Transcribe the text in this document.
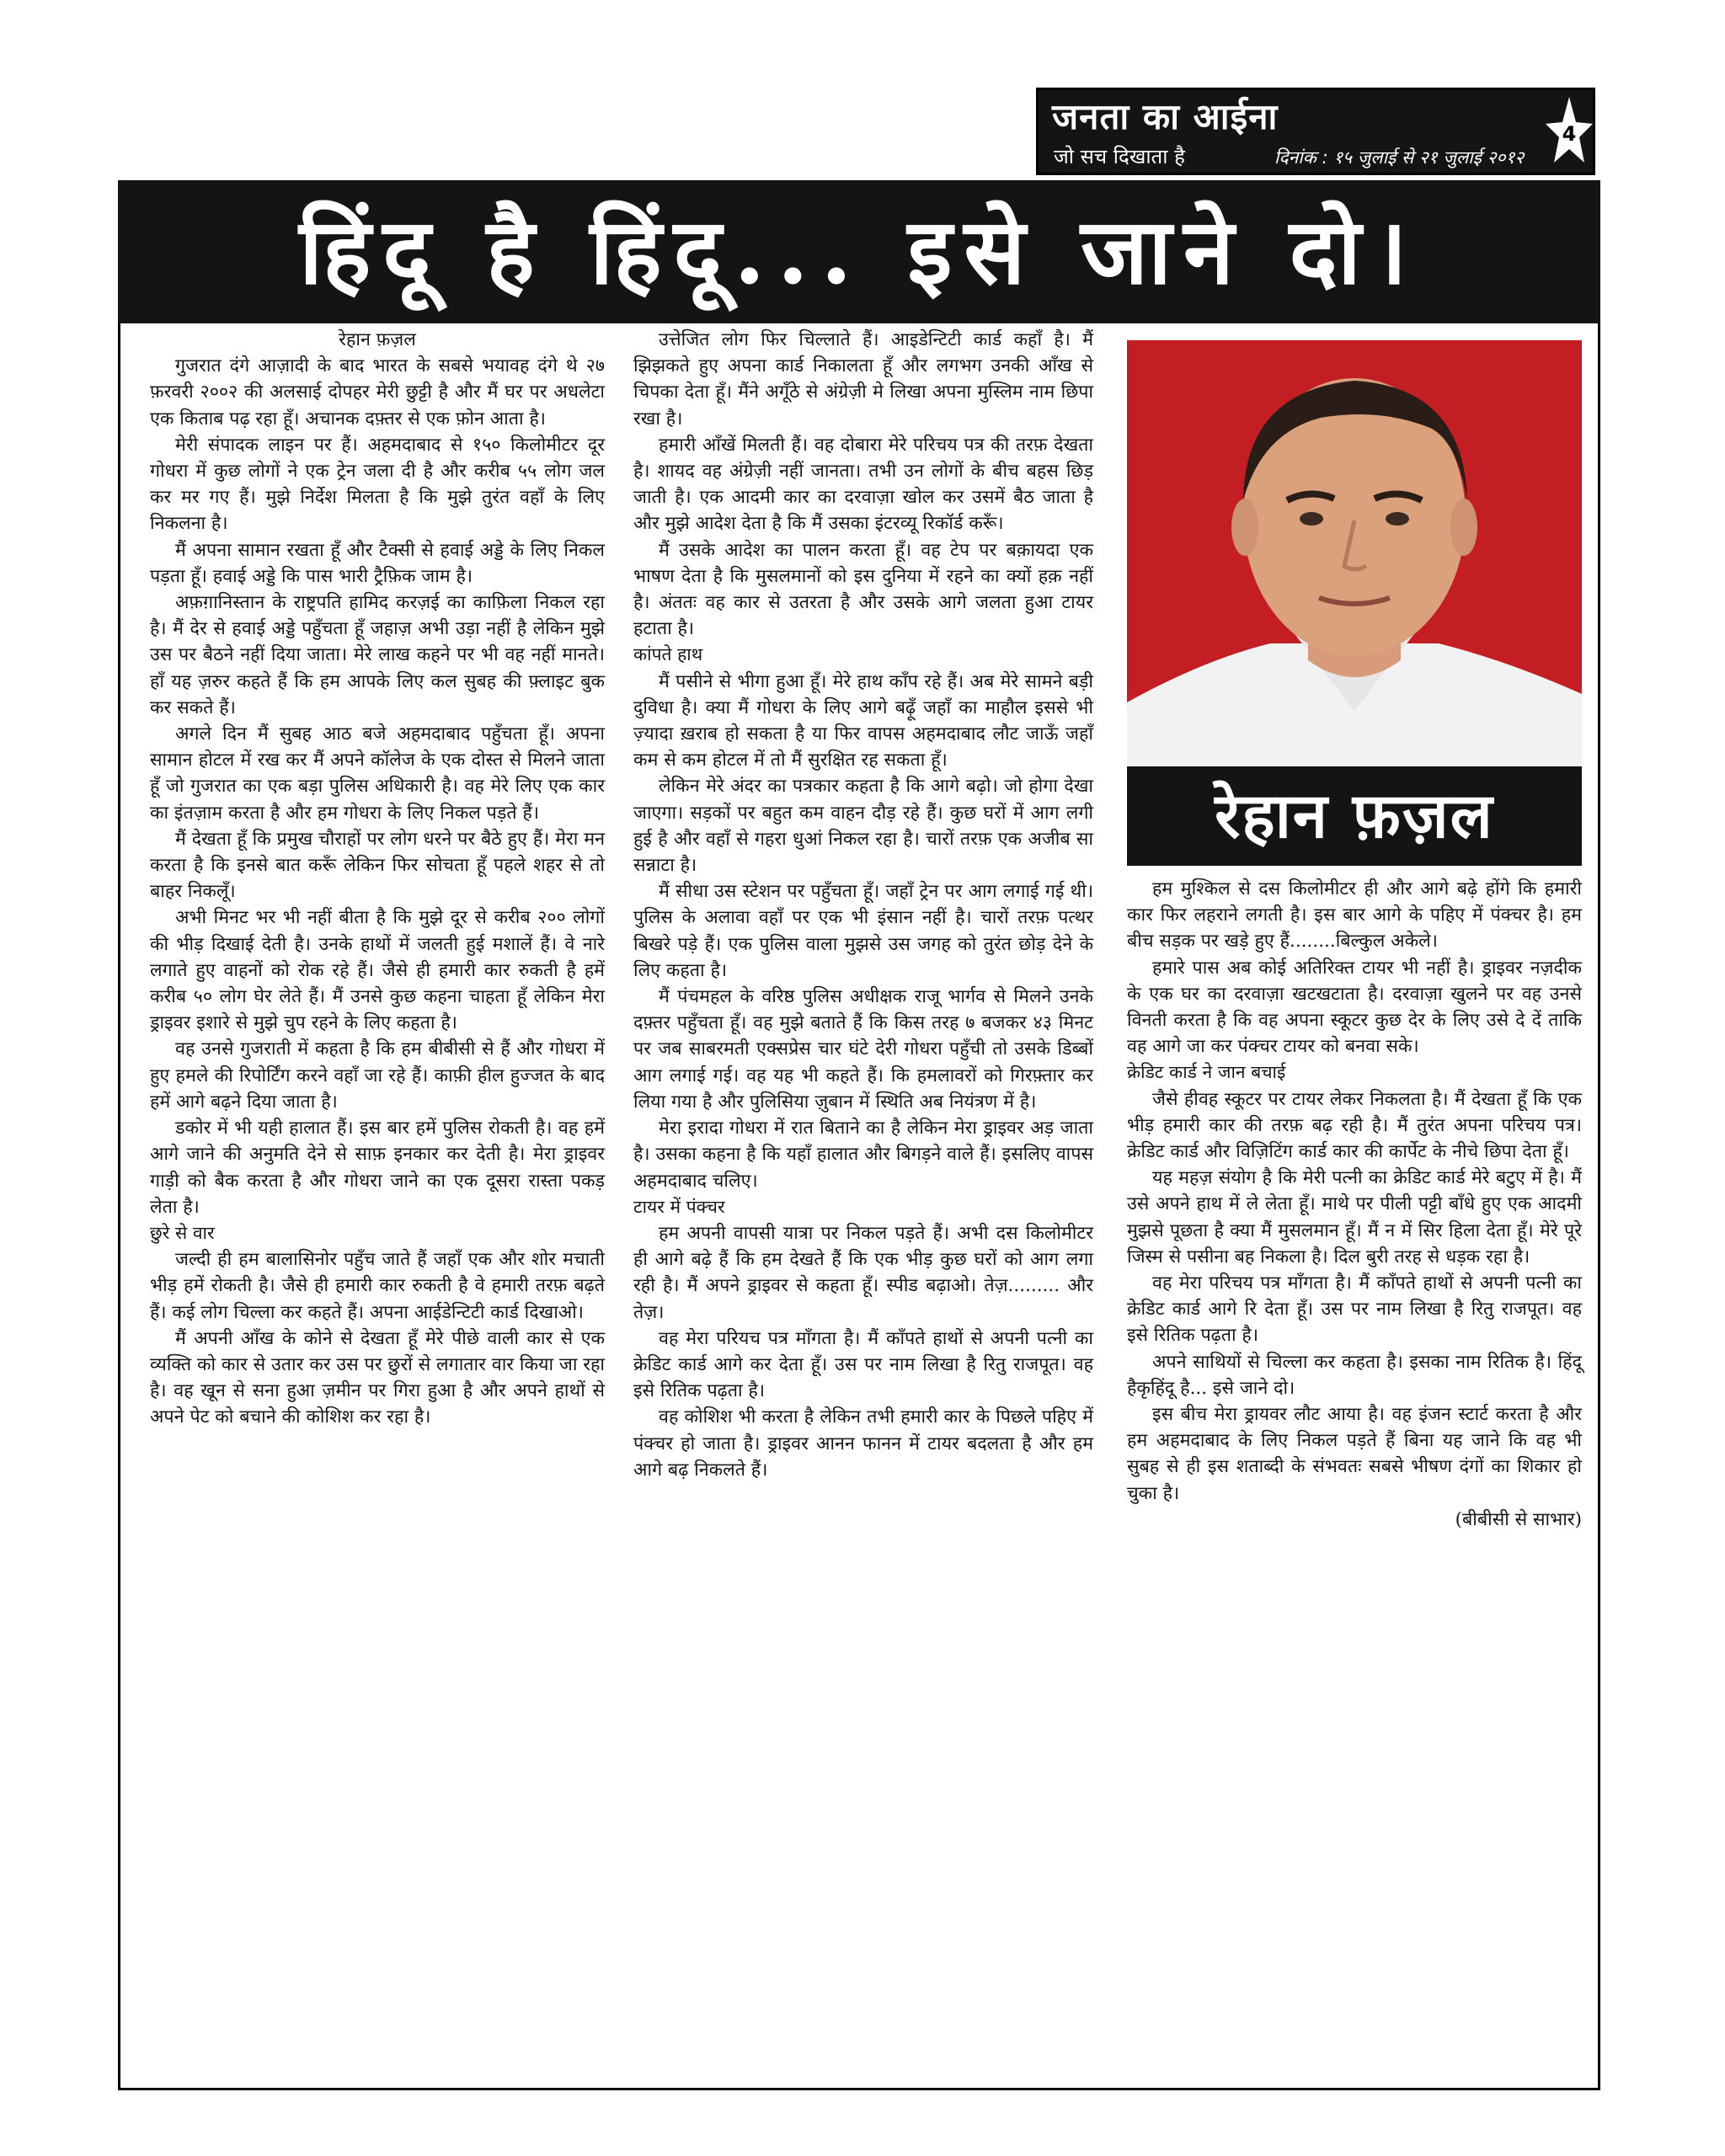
जनता का आईना
जो सच दिखाता है	दिनांक : १५ जुलाई से २१ जुलाई २०१२
4
हिंदू है हिंदू... इसे जाने दो।

रेहान फ़ज़ल

गुजरात दंगे आज़ादी के बाद भारत के सबसे भयावह दंगे थे २७ फ़रवरी २००२ की अलसाई दोपहर मेरी छुट्टी है और मैं घर पर अधलेटा एक किताब पढ़ रहा हूँ। अचानक दफ़्तर से एक फ़ोन आता है।

मेरी संपादक लाइन पर हैं। अहमदाबाद से १५० किलोमीटर दूर गोधरा में कुछ लोगों ने एक ट्रेन जला दी है और करीब ५५ लोग जल कर मर गए हैं। मुझे निर्देश मिलता है कि मुझे तुरंत वहाँ के लिए निकलना है।

मैं अपना सामान रखता हूँ और टैक्सी से हवाई अड्डे के लिए निकल पड़ता हूँ। हवाई अड्डे कि पास भारी ट्रैफ़िक जाम है।

अफ़ग़ानिस्तान के राष्ट्रपति हामिद करज़ई का काफ़िला निकल रहा है। मैं देर से हवाई अड्डे पहुँचता हूँ जहाज़ अभी उड़ा नहीं है लेकिन मुझे उस पर बैठने नहीं दिया जाता। मेरे लाख कहने पर भी वह नहीं मानते। हाँ यह ज़रुर कहते हैं कि हम आपके लिए कल सुबह की फ़्लाइट बुक कर सकते हैं।

अगले दिन मैं सुबह आठ बजे अहमदाबाद पहुँचता हूँ। अपना सामान होटल में रख कर मैं अपने कॉलेज के एक दोस्त से मिलने जाता हूँ जो गुजरात का एक बड़ा पुलिस अधिकारी है। वह मेरे लिए एक कार का इंतज़ाम करता है और हम गोधरा के लिए निकल पड़ते हैं।

मैं देखता हूँ कि प्रमुख चौराहों पर लोग धरने पर बैठे हुए हैं। मेरा मन करता है कि इनसे बात करूँ लेकिन फिर सोचता हूँ पहले शहर से तो बाहर निकलूँ।

अभी मिनट भर भी नहीं बीता है कि मुझे दूर से करीब २०० लोगों की भीड़ दिखाई देती है। उनके हाथों में जलती हुई मशालें हैं। वे नारे लगाते हुए वाहनों को रोक रहे हैं। जैसे ही हमारी कार रुकती है हमें करीब ५० लोग घेर लेते हैं। मैं उनसे कुछ कहना चाहता हूँ लेकिन मेरा ड्राइवर इशारे से मुझे चुप रहने के लिए कहता है।

वह उनसे गुजराती में कहता है कि हम बीबीसी से हैं और गोधरा में हुए हमले की रिपोर्टिंग करने वहाँ जा रहे हैं। काफ़ी हील हुज्जत के बाद हमें आगे बढ़ने दिया जाता है।

डकोर में भी यही हालात हैं। इस बार हमें पुलिस रोकती है। वह हमें आगे जाने की अनुमति देने से साफ़ इनकार कर देती है। मेरा ड्राइवर गाड़ी को बैक करता है और गोधरा जाने का एक दूसरा रास्ता पकड़ लेता है।

छुरे से वार

जल्दी ही हम बालासिनोर पहुँच जाते हैं जहाँ एक और शोर मचाती भीड़ हमें रोकती है। जैसे ही हमारी कार रुकती है वे हमारी तरफ़ बढ़ते हैं। कई लोग चिल्ला कर कहते हैं। अपना आईडेन्टिटी कार्ड दिखाओ।

मैं अपनी आँख के कोने से देखता हूँ मेरे पीछे वाली कार से एक व्यक्ति को कार से उतार कर उस पर छुरों से लगातार वार किया जा रहा है। वह खून से सना हुआ ज़मीन पर गिरा हुआ है और अपने हाथों से अपने पेट को बचाने की कोशिश कर रहा है।

उत्तेजित लोग फिर चिल्लाते हैं। आइडेन्टिटी कार्ड कहाँ है। मैं झिझकते हुए अपना कार्ड निकालता हूँ और लगभग उनकी आँख से चिपका देता हूँ। मैंने अगूँठे से अंग्रेज़ी मे लिखा अपना मुस्लिम नाम छिपा रखा है।

हमारी आँखें मिलती हैं। वह दोबारा मेरे परिचय पत्र की तरफ़ देखता है। शायद वह अंग्रेज़ी नहीं जानता। तभी उन लोगों के बीच बहस छिड़ जाती है। एक आदमी कार का दरवाज़ा खोल कर उसमें बैठ जाता है और मुझे आदेश देता है कि मैं उसका इंटरव्यू रिकॉर्ड करूँ।

मैं उसके आदेश का पालन करता हूँ। वह टेप पर बक़ायदा एक भाषण देता है कि मुसलमानों को इस दुनिया में रहने का क्यों हक़ नहीं है। अंततः वह कार से उतरता है और उसके आगे जलता हुआ टायर हटाता है।

कांपते हाथ

मैं पसीने से भीगा हुआ हूँ। मेरे हाथ काँप रहे हैं। अब मेरे सामने बड़ी दुविधा है। क्या मैं गोधरा के लिए आगे बढ़ूँ जहाँ का माहौल इससे भी ज़्यादा ख़राब हो सकता है या फिर वापस अहमदाबाद लौट जाऊँ जहाँ कम से कम होटल में तो मैं सुरक्षित रह सकता हूँ।

लेकिन मेरे अंदर का पत्रकार कहता है कि आगे बढ़ो। जो होगा देखा जाएगा। सड़कों पर बहुत कम वाहन दौड़ रहे हैं। कुछ घरों में आग लगी हुई है और वहाँ से गहरा धुआं निकल रहा है। चारों तरफ़ एक अजीब सा सन्नाटा है।

मैं सीधा उस स्टेशन पर पहुँचता हूँ। जहाँ ट्रेन पर आग लगाई गई थी। पुलिस के अलावा वहाँ पर एक भी इंसान नहीं है। चारों तरफ़ पत्थर बिखरे पड़े हैं। एक पुलिस वाला मुझसे उस जगह को तुरंत छोड़ देने के लिए कहता है।

मैं पंचमहल के वरिष्ठ पुलिस अधीक्षक राजू भार्गव से मिलने उनके दफ़्तर पहुँचता हूँ। वह मुझे बताते हैं कि किस तरह ७ बजकर ४३ मिनट पर जब साबरमती एक्सप्रेस चार घंटे देरी गोधरा पहुँची तो उसके डिब्बों आग लगाई गई। वह यह भी कहते हैं। कि हमलावरों को गिरफ़्तार कर लिया गया है और पुलिसिया ज़ुबान में स्थिति अब नियंत्रण में है।

मेरा इरादा गोधरा में रात बिताने का है लेकिन मेरा ड्राइवर अड़ जाता है। उसका कहना है कि यहाँ हालात और बिगड़ने वाले हैं। इसलिए वापस अहमदाबाद चलिए।

टायर में पंक्चर

हम अपनी वापसी यात्रा पर निकल पड़ते हैं। अभी दस किलोमीटर ही आगे बढ़े हैं कि हम देखते हैं कि एक भीड़ कुछ घरों को आग लगा रही है। मैं अपने ड्राइवर से कहता हूँ। स्पीड बढ़ाओ। तेज़......... और तेज़।

वह मेरा परियच पत्र माँगता है। मैं काँपते हाथों से अपनी पत्नी का क्रेडिट कार्ड आगे कर देता हूँ। उस पर नाम लिखा है रितु राजपूत। वह इसे रितिक पढ़ता है।

वह कोशिश भी करता है लेकिन तभी हमारी कार के पिछले पहिए में पंक्चर हो जाता है। ड्राइवर आनन फानन में टायर बदलता है और हम आगे बढ़ निकलते हैं।

रेहान फ़ज़ल

हम मुश्किल से दस किलोमीटर ही और आगे बढ़े होंगे कि हमारी कार फिर लहराने लगती है। इस बार आगे के पहिए में पंक्चर है। हम बीच सड़क पर खड़े हुए हैं........बिल्कुल अकेले।

हमारे पास अब कोई अतिरिक्त टायर भी नहीं है। ड्राइवर नज़दीक के एक घर का दरवाज़ा खटखटाता है। दरवाज़ा खुलने पर वह उनसे विनती करता है कि वह अपना स्कूटर कुछ देर के लिए उसे दे दें ताकि वह आगे जा कर पंक्चर टायर को बनवा सके।

क्रेडिट कार्ड ने जान बचाई

जैसे हीवह स्कूटर पर टायर लेकर निकलता है। मैं देखता हूँ कि एक भीड़ हमारी कार की तरफ़ बढ़ रही है। मैं तुरंत अपना परिचय पत्र। क्रेडिट कार्ड और विज़िटिंग कार्ड कार की कार्पेट के नीचे छिपा देता हूँ।

यह महज़ संयोग है कि मेरी पत्नी का क्रेडिट कार्ड मेरे बटुए में है। मैं उसे अपने हाथ में ले लेता हूँ। माथे पर पीली पट्टी बाँधे हुए एक आदमी मुझसे पूछता है क्या मैं मुसलमान हूँ। मैं न में सिर हिला देता हूँ। मेरे पूरे जिस्म से पसीना बह निकला है। दिल बुरी तरह से धड़क रहा है।

वह मेरा परिचय पत्र माँगता है। मैं काँपते हाथों से अपनी पत्नी का क्रेडिट कार्ड आगे रि देता हूँ। उस पर नाम लिखा है रितु राजपूत। वह इसे रितिक पढ़ता है।

अपने साथियों से चिल्ला कर कहता है। इसका नाम रितिक है। हिंदू हैकृहिंदू है... इसे जाने दो।

इस बीच मेरा ड्रायवर लौट आया है। वह इंजन स्टार्ट करता है और हम अहमदाबाद के लिए निकल पड़ते हैं बिना यह जाने कि वह भी सुबह से ही इस शताब्दी के संभवतः सबसे भीषण दंगों का शिकार हो चुका है।

(बीबीसी से साभार)
